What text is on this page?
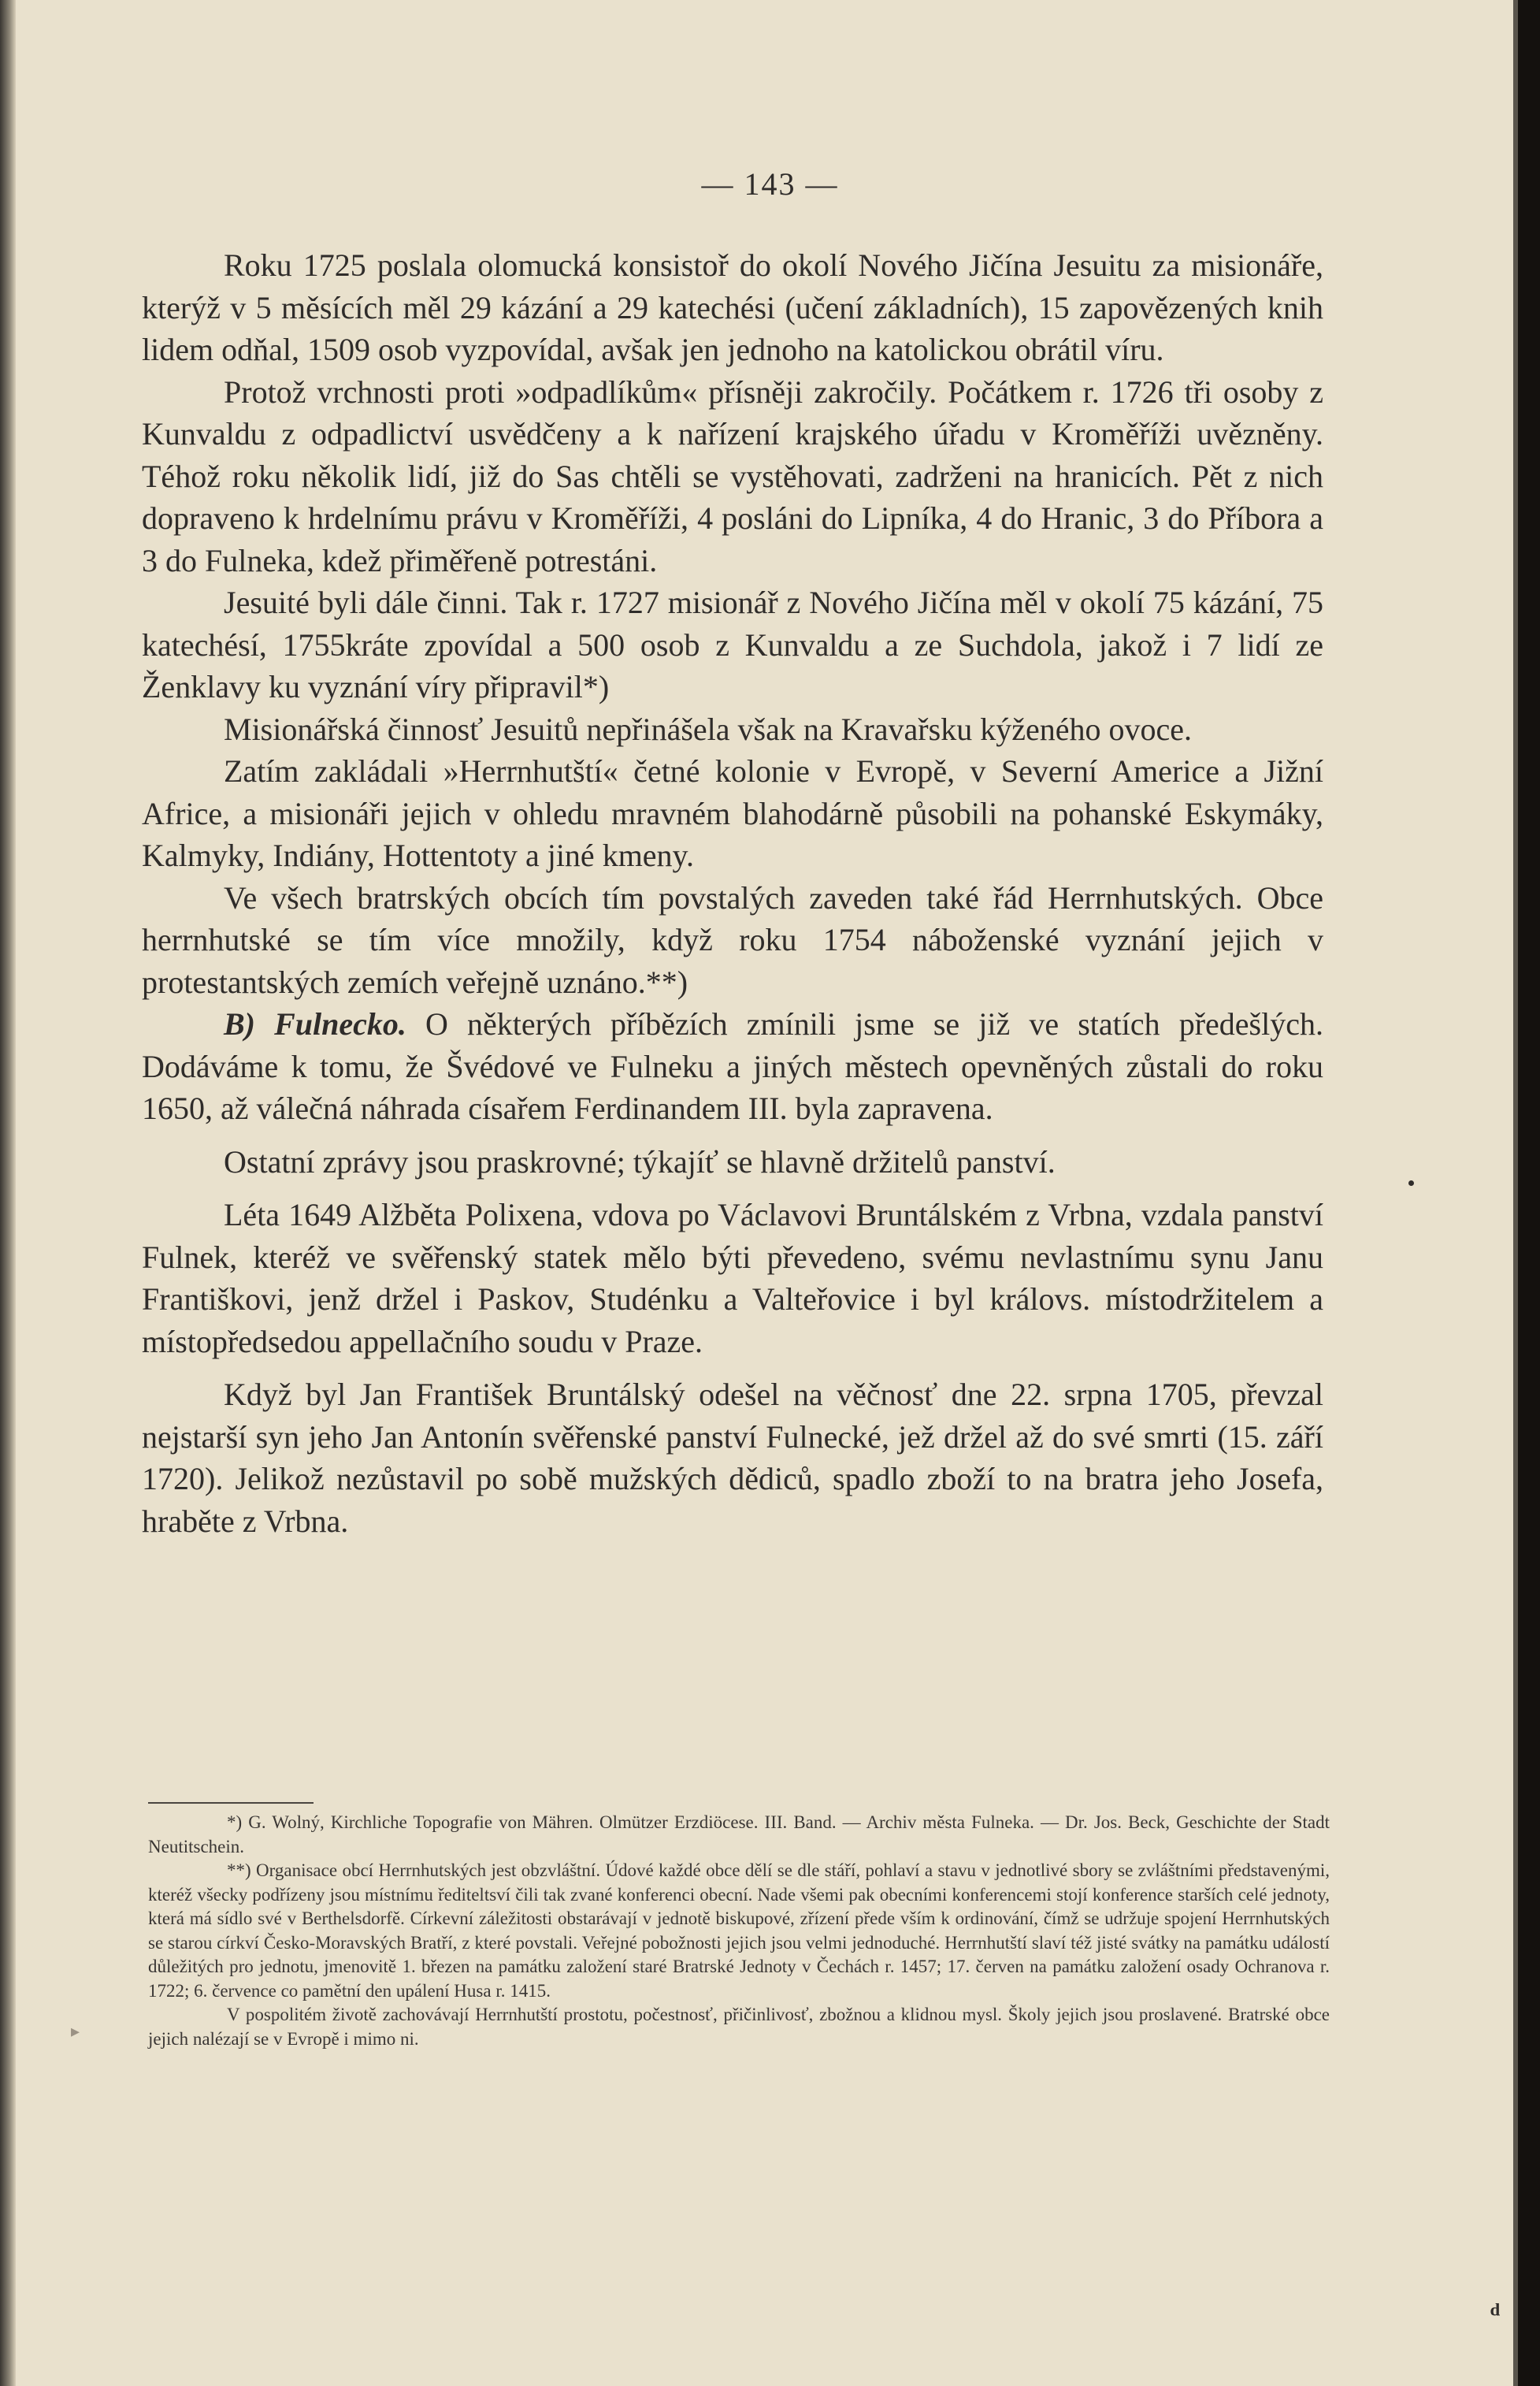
— 143 —

Roku 1725 poslala olomucká konsistoř do okolí Nového Jičína Jesuitu za misionáře, kterýž v 5 měsících měl 29 kázání a 29 katechési (učení základních), 15 zapovězených knih lidem odňal, 1509 osob vyzpovídal, avšak jen jednoho na katolickou obrátil víru.

Protož vrchnosti proti »odpadlíkům« přísněji zakročily. Počátkem r. 1726 tři osoby z Kunvaldu z odpadlictví usvědčeny a k nařízení krajského úřadu v Kroměříži uvězněny. Téhož roku několik lidí, již do Sas chtěli se vystěhovati, zadrženi na hranicích. Pět z nich dopraveno k hrdelnímu právu v Kroměříži, 4 posláni do Lipníka, 4 do Hranic, 3 do Příbora a 3 do Fulneka, kdež přiměřeně potrestáni.

Jesuité byli dále činni. Tak r. 1727 misionář z Nového Jičína měl v okolí 75 kázání, 75 katechésí, 1755kráte zpovídal a 500 osob z Kunvaldu a ze Suchdola, jakož i 7 lidí ze Ženklavy ku vyznání víry připravil*)

Misionářská činnosť Jesuitů nepřinášela však na Kravařsku kýženého ovoce.

Zatím zakládali »Herrnhutští« četné kolonie v Evropě, v Severní Americe a Jižní Africe, a misionáři jejich v ohledu mravném blahodárně působili na pohanské Eskymáky, Kalmyky, Indiány, Hottentoty a jiné kmeny.

Ve všech bratrských obcích tím povstalých zaveden také řád Herrnhutských. Obce herrnhutské se tím více množily, když roku 1754 náboženské vyznání jejich v protestantských zemích veřejně uznáno.**)

B) Fulnecko. O některých příbězích zmínili jsme se již ve statích předešlých. Dodáváme k tomu, že Švédové ve Fulneku a jiných městech opevněných zůstali do roku 1650, až válečná náhrada císařem Ferdinandem III. byla zapravena.

Ostatní zprávy jsou praskrovné; týkajíť se hlavně držitelů panství.

Léta 1649 Alžběta Polixena, vdova po Václavovi Bruntálském z Vrbna, vzdala panství Fulnek, kteréž ve svěřenský statek mělo býti převedeno, svému nevlastnímu synu Janu Františkovi, jenž držel i Paskov, Studénku a Valteřovice i byl královs. místodržitelem a místopředsedou appellačního soudu v Praze.

Když byl Jan František Bruntálský odešel na věčnosť dne 22. srpna 1705, převzal nejstarší syn jeho Jan Antonín svěřenské panství Fulnecké, jež držel až do své smrti (15. září 1720). Jelikož nezůstavil po sobě mužských dědiců, spadlo zboží to na bratra jeho Josefa, hraběte z Vrbna.

*) G. Wolný, Kirchliche Topografie von Mähren. Olmützer Erzdiöcese. III. Band. — Archiv města Fulneka. — Dr. Jos. Beck, Geschichte der Stadt Neutitschein.

**) Organisace obcí Herrnhutských jest obzvláštní. Údové každé obce dělí se dle stáří, pohlaví a stavu v jednotlivé sbory se zvláštními představenými, kteréž všecky podřízeny jsou místnímu řediteltsví čili tak zvané konferenci obecní. Nade všemi pak obecními konferencemi stojí konference starších celé jednoty, která má sídlo své v Berthelsdorfě. Církevní záležitosti obstarávají v jednotě biskupové, zřízení přede vším k ordinování, čímž se udržuje spojení Herrnhutských se starou církví Česko-Moravských Bratří, z které povstali. Veřejné pobožnosti jejich jsou velmi jednoduché. Herrnhutští slaví též jisté svátky na památku událostí důležitých pro jednotu, jmenovitě 1. březen na památku založení staré Bratrské Jednoty v Čechách r. 1457; 17. červen na památku založení osady Ochranova r. 1722; 6. července co pamětní den upálení Husa r. 1415.

V pospolitém životě zachovávají Herrnhutští prostotu, počestnosť, přičinlivosť, zbožnou a klidnou mysl. Školy jejich jsou proslavené. Bratrské obce jejich nalézají se v Evropě i mimo ni.

▸
ᵈ
